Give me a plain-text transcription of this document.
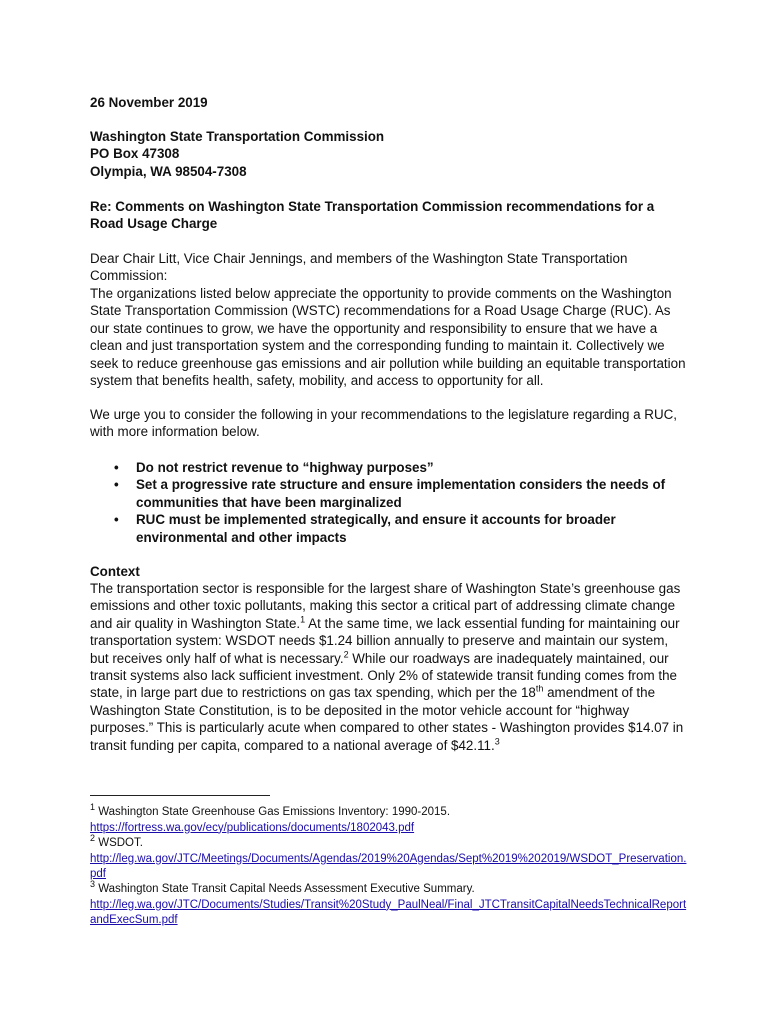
26 November 2019

Washington State Transportation Commission

PO Box 47308

Olympia, WA 98504-7308

Re: Comments on Washington State Transportation Commission recommendations for a Road Usage Charge

Dear Chair Litt, Vice Chair Jennings, and members of the Washington State Transportation Commission:

The organizations listed below appreciate the opportunity to provide comments on the Washington State Transportation Commission (WSTC) recommendations for a Road Usage Charge (RUC). As our state continues to grow, we have the opportunity and responsibility to ensure that we have a clean and just transportation system and the corresponding funding to maintain it. Collectively we seek to reduce greenhouse gas emissions and air pollution while building an equitable transportation system that benefits health, safety, mobility, and access to opportunity for all.

We urge you to consider the following in your recommendations to the legislature regarding a RUC, with more information below.

• Do not restrict revenue to “highway purposes”
• Set a progressive rate structure and ensure implementation considers the needs of communities that have been marginalized
• RUC must be implemented strategically, and ensure it accounts for broader environmental and other impacts

Context

The transportation sector is responsible for the largest share of Washington State’s greenhouse gas emissions and other toxic pollutants, making this sector a critical part of addressing climate change and air quality in Washington State.$^1$ At the same time, we lack essential funding for maintaining our transportation system: WSDOT needs $1.24 billion annually to preserve and maintain our system, but receives only half of what is necessary.$^2$ While our roadways are inadequately maintained, our transit systems also lack sufficient investment. Only 2% of statewide transit funding comes from the state, in large part due to restrictions on gas tax spending, which per the 18th amendment of the Washington State Constitution, is to be deposited in the motor vehicle account for “highway purposes.” This is particularly acute when compared to other states - Washington provides $14.07 in transit funding per capita, compared to a national average of $42.11.$^3$

$^1$ Washington State Greenhouse Gas Emissions Inventory: 1990-2015.
https://fortress.wa.gov/ecy/publications/documents/1802043.pdf
$^2$ WSDOT.
http://leg.wa.gov/JTC/Meetings/Documents/Agendas/2019%20Agendas/Sept%2019%202019/WSDOT_Preservation.pdf
$^3$ Washington State Transit Capital Needs Assessment Executive Summary.
http://leg.wa.gov/JTC/Documents/Studies/Transit%20Study_PaulNeal/Final_JTCTransitCapitalNeedsTechnicalReportandExecSum.pdf
